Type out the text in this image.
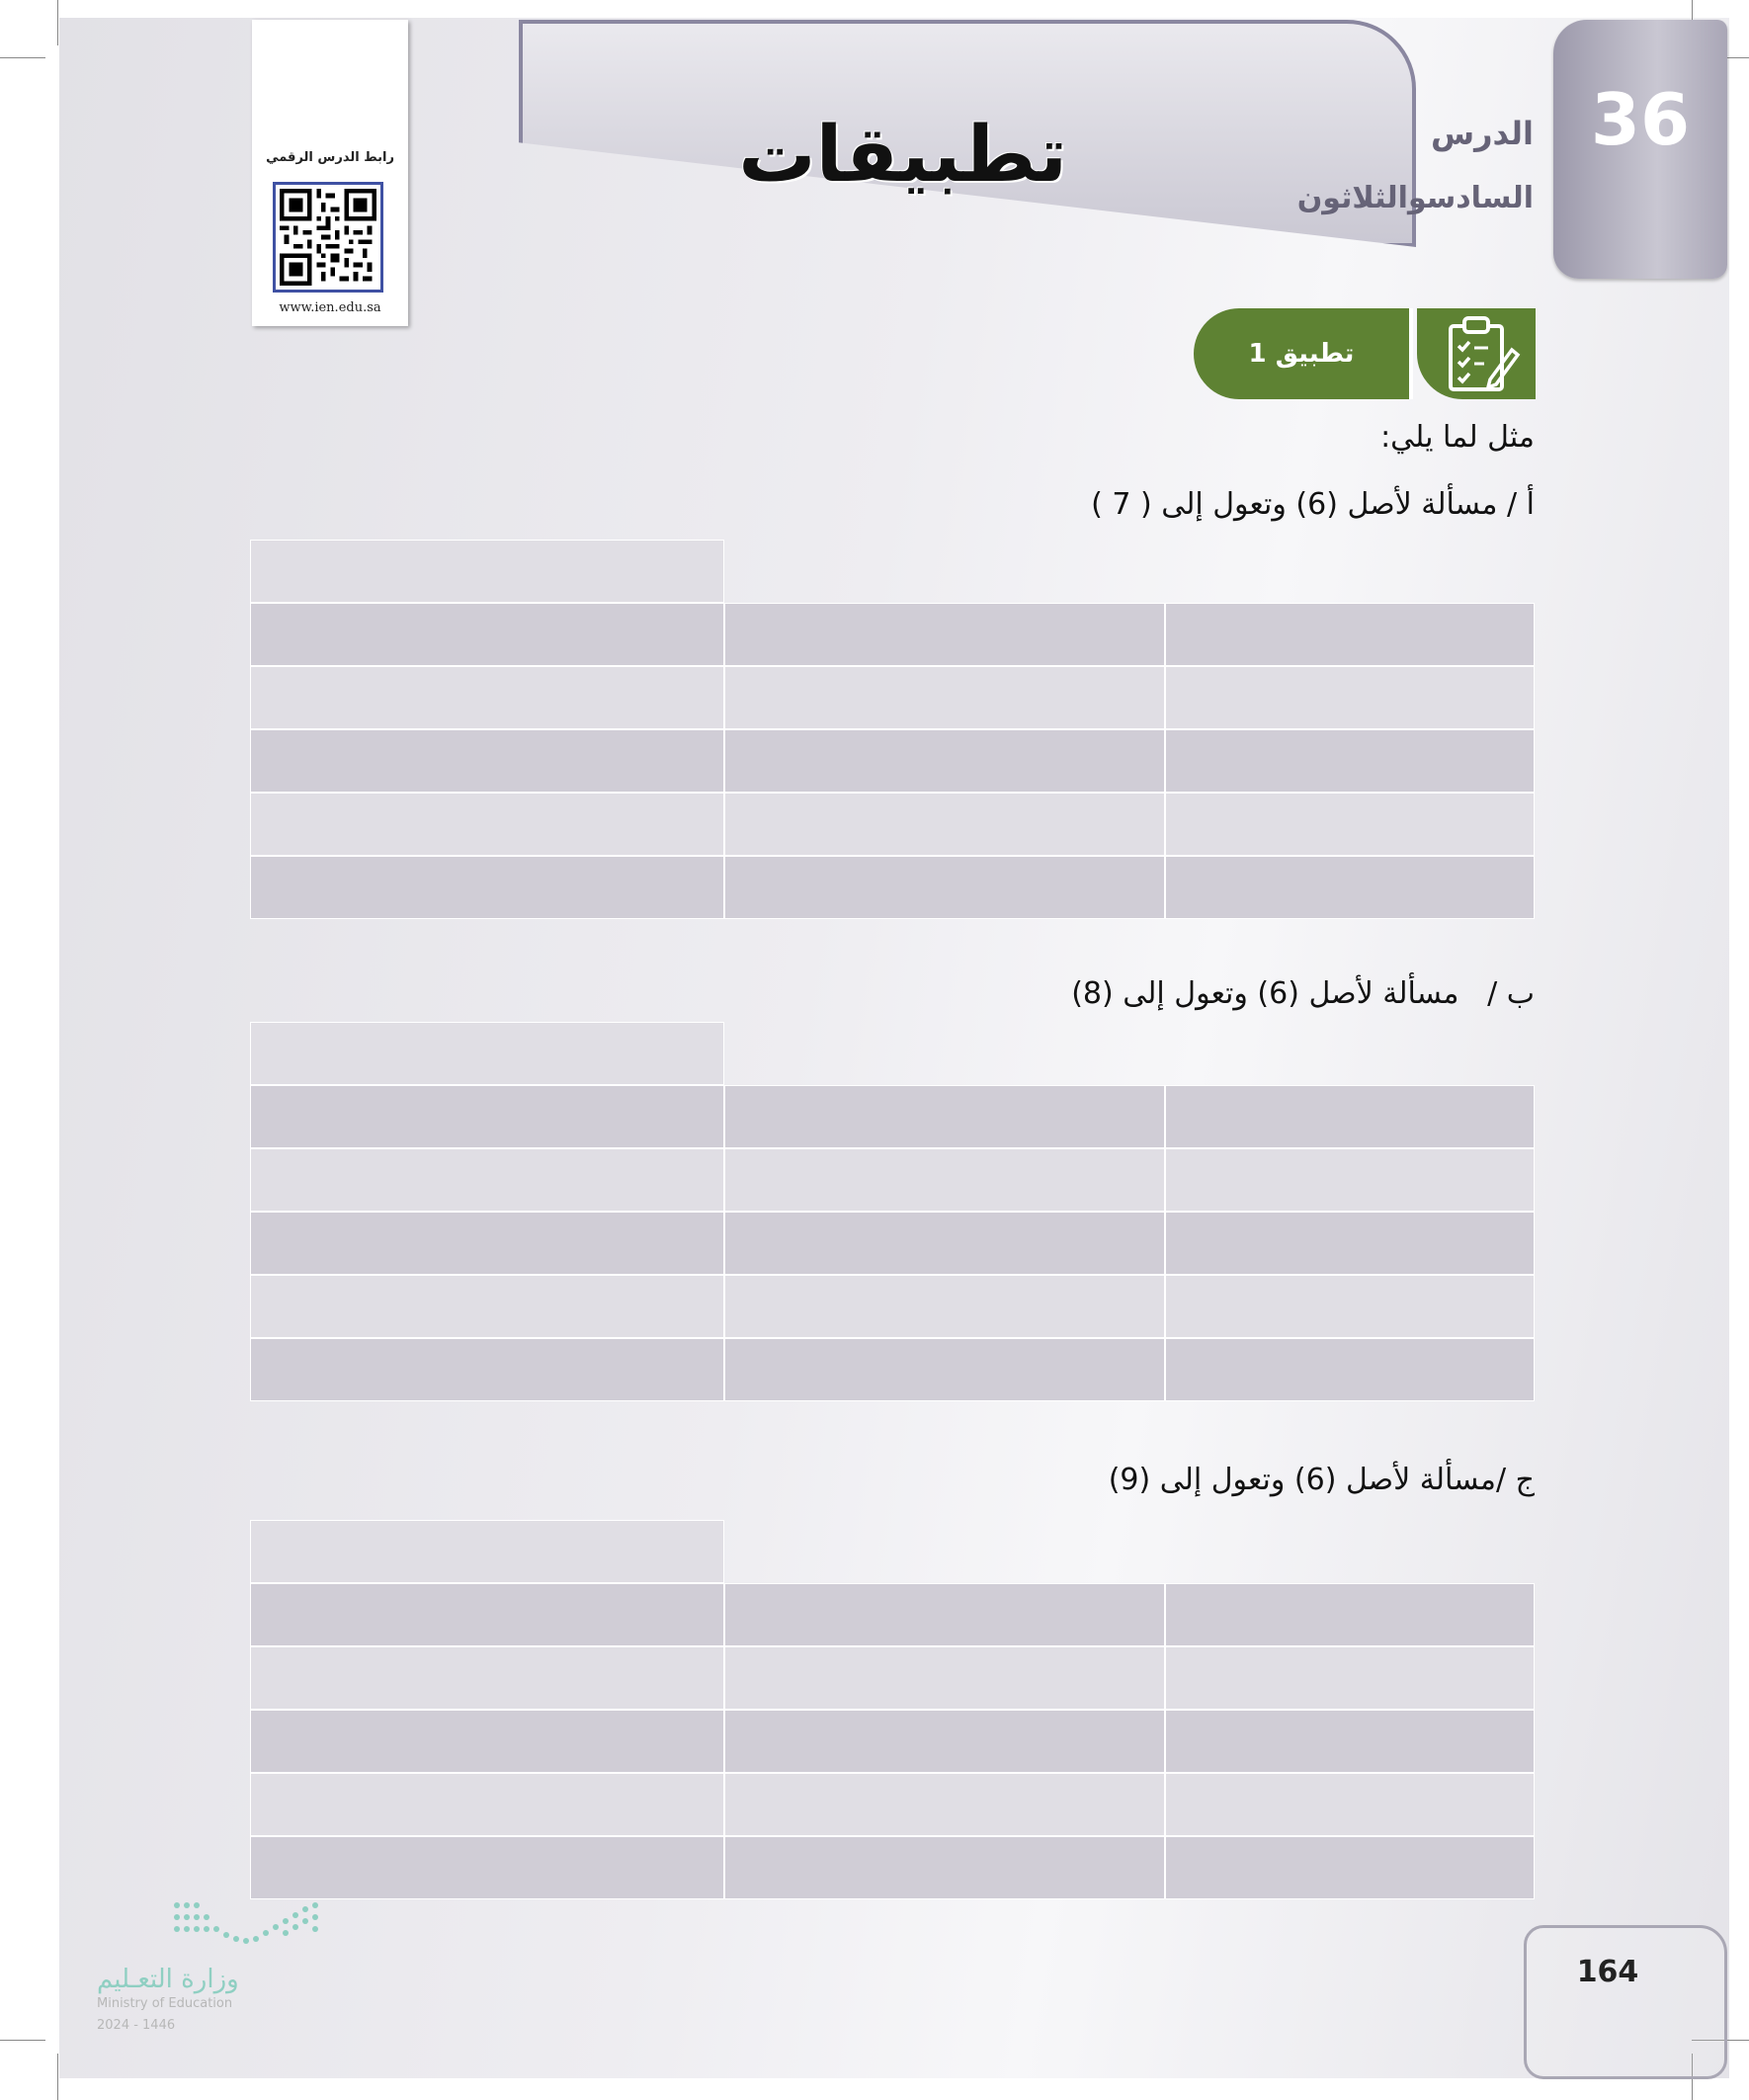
تطبيقات	36
الدرس
السادسوالثلاثون
رابط الدرس الرقمي
www.ien.edu.sa
تطبيق 1
مثل لما يلي:
أ / مسألة لأصل (6) وتعول إلى ( 7 )
ب /   مسألة لأصل (6) وتعول إلى (8)
ج /مسألة لأصل (6) وتعول إلى (9)
وزارة التعـليم
Ministry of Education
2024 - 1446
164
